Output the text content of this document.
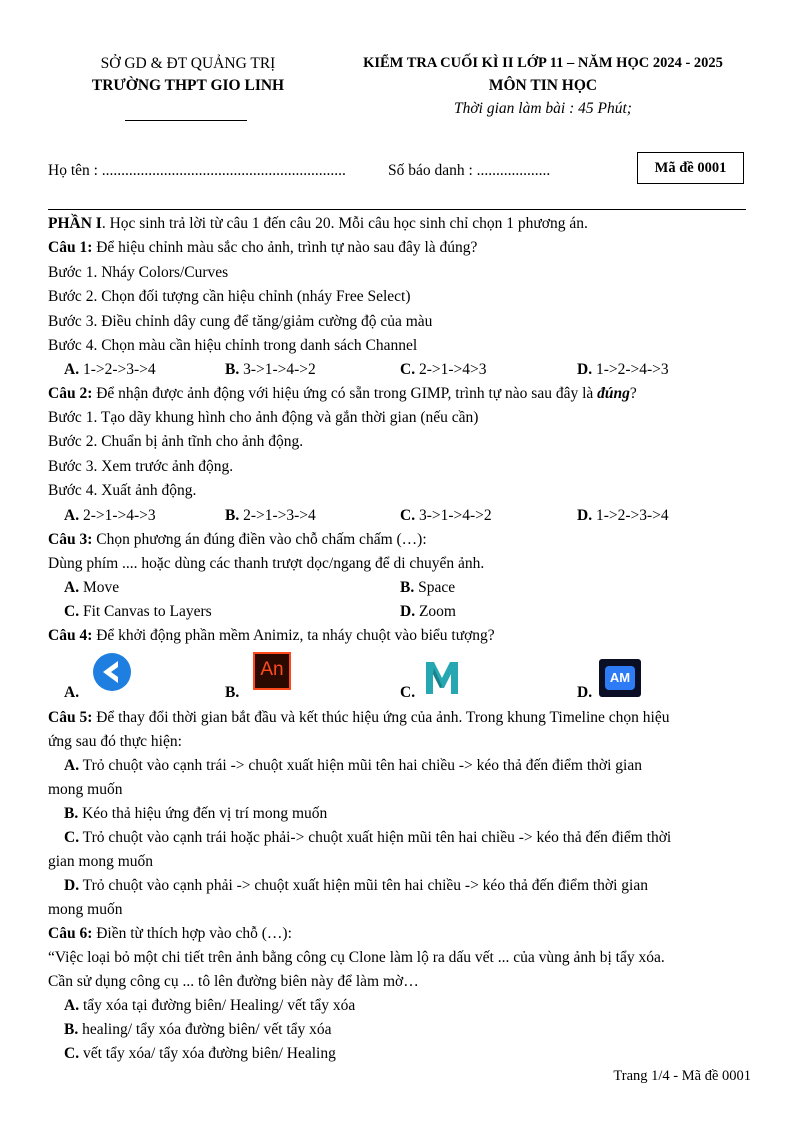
SỞ GD & ĐT QUẢNG TRỊ
TRƯỜNG THPT GIO LINH
KIỂM TRA CUỐI KÌ II LỚP 11 – NĂM HỌC 2024 - 2025
MÔN TIN HỌC
Thời gian làm bài : 45 Phút;
Họ tên : ...............................................................	Số báo danh : ...................	Mã đề 0001
PHẦN I. Học sinh trả lời từ câu 1 đến câu 20. Mỗi câu học sinh chỉ chọn 1 phương án.
Câu 1: Để hiệu chỉnh màu sắc cho ảnh, trình tự nào sau đây là đúng?
Bước 1. Nháy Colors/Curves
Bước 2. Chọn đối tượng cần hiệu chỉnh (nháy Free Select)
Bước 3. Điều chỉnh dây cung để tăng/giảm cường độ của màu
Bước 4. Chọn màu cần hiệu chỉnh trong danh sách Channel
A. 1->2->3->4	B. 3->1->4->2	C. 2->1->4>3	D. 1->2->4->3
Câu 2: Để nhận được ảnh động với hiệu ứng có sẵn trong GIMP, trình tự nào sau đây là đúng?
Bước 1. Tạo dãy khung hình cho ảnh động và gắn thời gian (nếu cần)
Bước 2. Chuẩn bị ảnh tĩnh cho ảnh động.
Bước 3. Xem trước ảnh động.
Bước 4. Xuất ảnh động.
A. 2->1->4->3	B. 2->1->3->4	C. 3->1->4->2	D. 1->2->3->4
Câu 3: Chọn phương án đúng điền vào chỗ chấm chấm (…):
Dùng phím .... hoặc dùng các thanh trượt dọc/ngang để di chuyển ảnh.
A. Move	B. Space
C. Fit Canvas to Layers	D. Zoom
Câu 4: Để khởi động phần mềm Animiz, ta nháy chuột vào biểu tượng?
A.	B.
An
C.	D.
AM
Câu 5: Để thay đổi thời gian bắt đầu và kết thúc hiệu ứng của ảnh. Trong khung Timeline chọn hiệu
ứng sau đó thực hiện:
A. Trỏ chuột vào cạnh trái -> chuột xuất hiện mũi tên hai chiều -> kéo thả đến điểm thời gian
mong muốn
B. Kéo thả hiệu ứng đến vị trí mong muốn
C. Trỏ chuột vào cạnh trái hoặc phải-> chuột xuất hiện mũi tên hai chiều -> kéo thả đến điểm thời
gian mong muốn
D. Trỏ chuột vào cạnh phải -> chuột xuất hiện mũi tên hai chiều -> kéo thả đến điểm thời gian
mong muốn
Câu 6: Điền từ thích hợp vào chỗ (…):
“Việc loại bỏ một chi tiết trên ảnh bằng công cụ Clone làm lộ ra dấu vết ... của vùng ảnh bị tẩy xóa.
Cần sử dụng công cụ ... tô lên đường biên này để làm mờ…
A. tẩy xóa tại đường biên/ Healing/ vết tẩy xóa
B. healing/ tẩy xóa đường biên/ vết tẩy xóa
C. vết tẩy xóa/ tẩy xóa đường biên/ Healing
Trang 1/4 - Mã đề 0001
